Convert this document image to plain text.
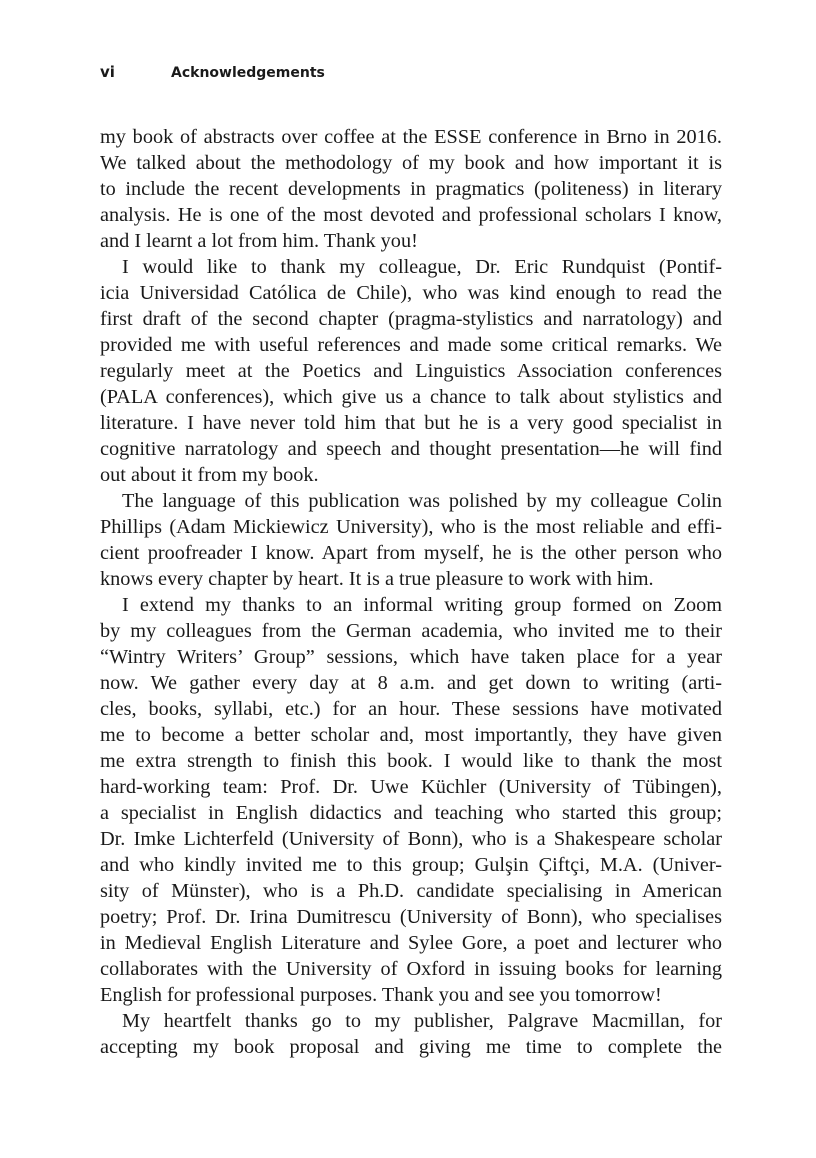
vi	Acknowledgements
my book of abstracts over coffee at the ESSE conference in Brno in 2016.
We talked about the methodology of my book and how important it is
to include the recent developments in pragmatics (politeness) in literary
analysis. He is one of the most devoted and professional scholars I know,
and I learnt a lot from him. Thank you!
I would like to thank my colleague, Dr. Eric Rundquist (Pontif-
icia Universidad Católica de Chile), who was kind enough to read the
first draft of the second chapter (pragma-stylistics and narratology) and
provided me with useful references and made some critical remarks. We
regularly meet at the Poetics and Linguistics Association conferences
(PALA conferences), which give us a chance to talk about stylistics and
literature. I have never told him that but he is a very good specialist in
cognitive narratology and speech and thought presentation—he will find
out about it from my book.
The language of this publication was polished by my colleague Colin
Phillips (Adam Mickiewicz University), who is the most reliable and effi-
cient proofreader I know. Apart from myself, he is the other person who
knows every chapter by heart. It is a true pleasure to work with him.
I extend my thanks to an informal writing group formed on Zoom
by my colleagues from the German academia, who invited me to their
“Wintry Writers’ Group” sessions, which have taken place for a year
now. We gather every day at 8 a.m. and get down to writing (arti-
cles, books, syllabi, etc.) for an hour. These sessions have motivated
me to become a better scholar and, most importantly, they have given
me extra strength to finish this book. I would like to thank the most
hard-working team: Prof. Dr. Uwe Küchler (University of Tübingen),
a specialist in English didactics and teaching who started this group;
Dr. Imke Lichterfeld (University of Bonn), who is a Shakespeare scholar
and who kindly invited me to this group; Gulşin Çiftçi, M.A. (Univer-
sity of Münster), who is a Ph.D. candidate specialising in American
poetry; Prof. Dr. Irina Dumitrescu (University of Bonn), who specialises
in Medieval English Literature and Sylee Gore, a poet and lecturer who
collaborates with the University of Oxford in issuing books for learning
English for professional purposes. Thank you and see you tomorrow!
My heartfelt thanks go to my publisher, Palgrave Macmillan, for
accepting my book proposal and giving me time to complete the
